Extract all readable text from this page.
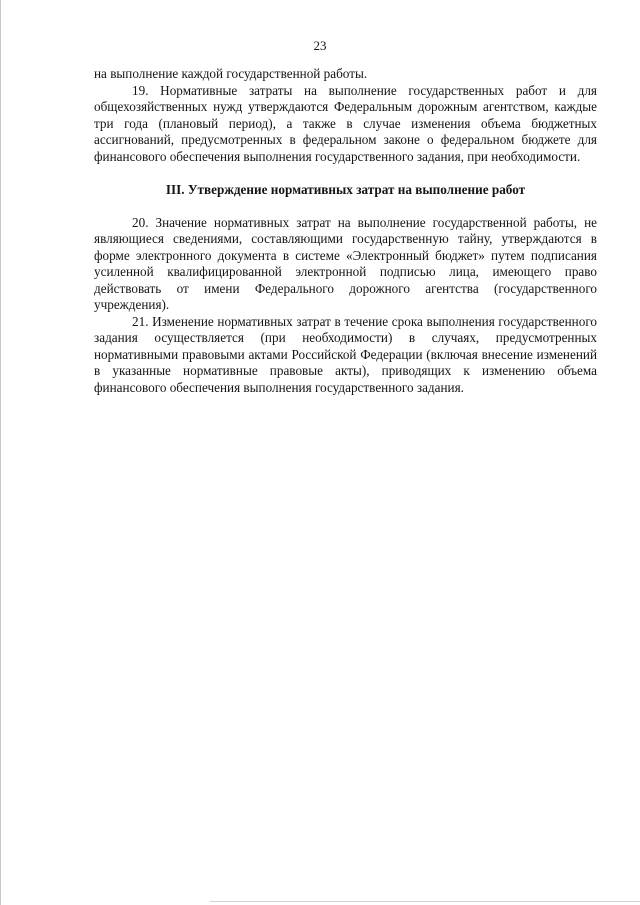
23

на выполнение каждой государственной работы.

19. Нормативные затраты на выполнение государственных работ и для общехозяйственных нужд утверждаются Федеральным дорожным агентством, каждые три года (плановый период), а также в случае изменения объема бюджетных ассигнований, предусмотренных в федеральном законе о федеральном бюджете для финансового обеспечения выполнения государственного задания, при необходимости.

III. Утверждение нормативных затрат на выполнение работ

20. Значение нормативных затрат на выполнение государственной работы, не являющиеся сведениями, составляющими государственную тайну, утверждаются в форме электронного документа в системе «Электронный бюджет» путем подписания усиленной квалифицированной электронной подписью лица, имеющего право действовать от имени Федерального дорожного агентства (государственного учреждения).

21. Изменение нормативных затрат в течение срока выполнения государственного задания осуществляется (при необходимости) в случаях, предусмотренных нормативными правовыми актами Российской Федерации (включая внесение изменений в указанные нормативные правовые акты), приводящих к изменению объема финансового обеспечения выполнения государственного задания.
